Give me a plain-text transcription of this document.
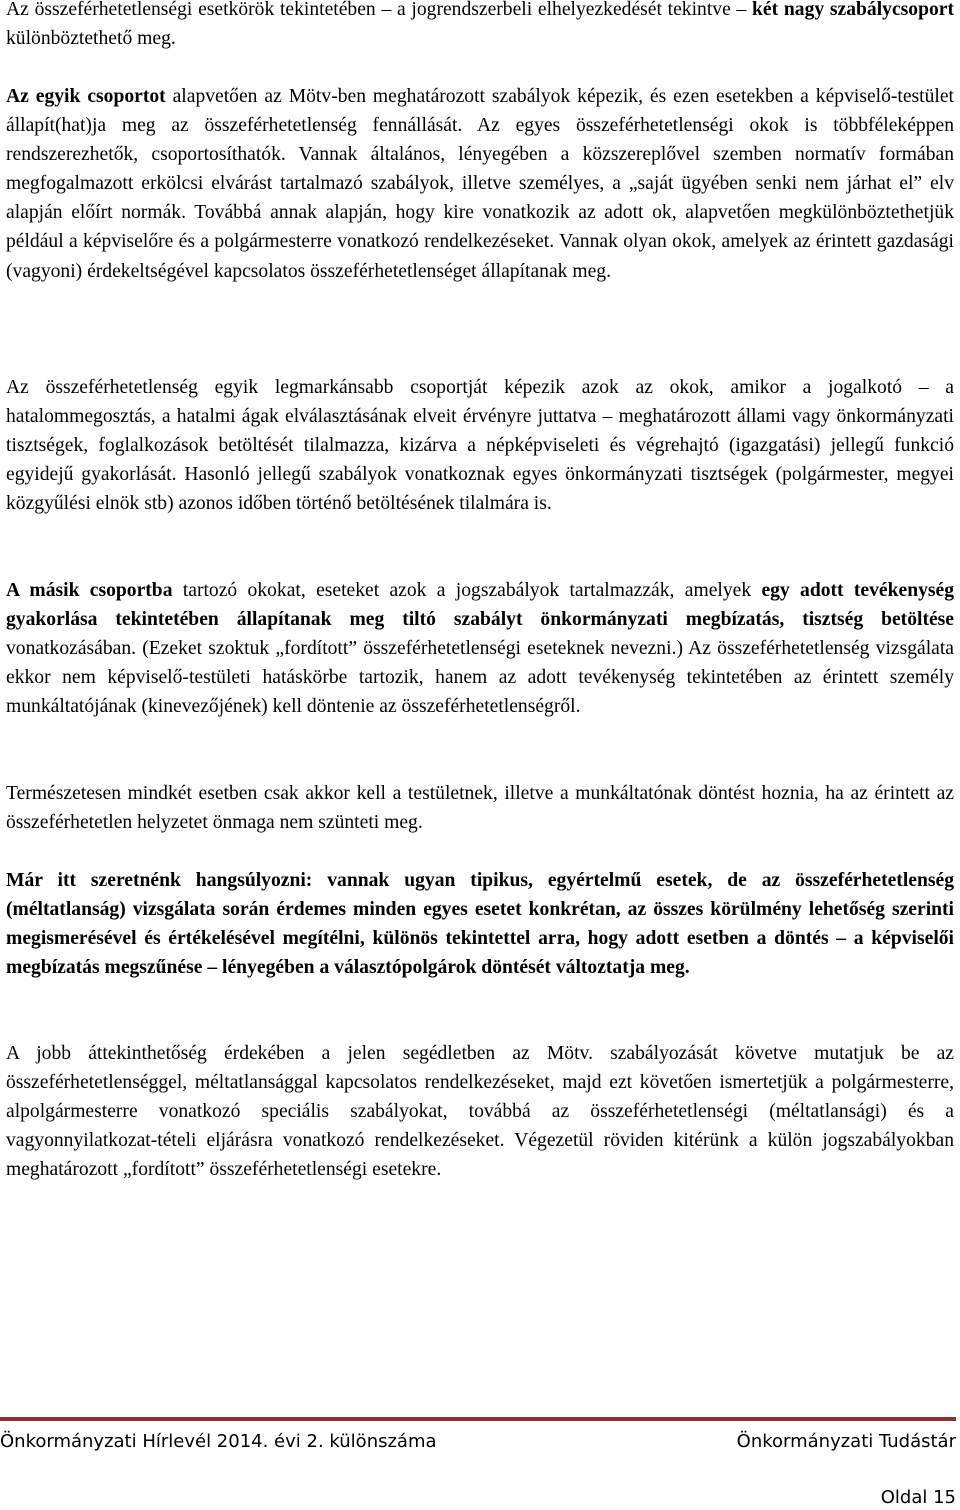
Az összeférhetetlenségi esetkörök tekintetében – a jogrendszerbeli elhelyezkedését tekintve – két nagy szabálycsoport különböztethető meg.

Az egyik csoportot alapvetően az Mötv-ben meghatározott szabályok képezik, és ezen esetekben a képviselő-testület állapít(hat)ja meg az összeférhetetlenség fennállását. Az egyes összeférhetetlenségi okok is többféleképpen rendszerezhetők, csoportosíthatók. Vannak általános, lényegében a közszereplővel szemben normatív formában megfogalmazott erkölcsi elvárást tartalmazó szabályok, illetve személyes, a „saját ügyében senki nem járhat el” elv alapján előírt normák. Továbbá annak alapján, hogy kire vonatkozik az adott ok, alapvetően megkülönböztethetjük például a képviselőre és a polgármesterre vonatkozó rendelkezéseket. Vannak olyan okok, amelyek az érintett gazdasági (vagyoni) érdekeltségével kapcsolatos összeférhetetlenséget állapítanak meg.

Az összeférhetetlenség egyik legmarkánsabb csoportját képezik azok az okok, amikor a jogalkotó – a hatalommegosztás, a hatalmi ágak elválasztásának elveit érvényre juttatva – meghatározott állami vagy önkormányzati tisztségek, foglalkozások betöltését tilalmazza, kizárva a népképviseleti és végrehajtó (igazgatási) jellegű funkció egyidejű gyakorlását. Hasonló jellegű szabályok vonatkoznak egyes önkormányzati tisztségek (polgármester, megyei közgyűlési elnök stb) azonos időben történő betöltésének tilalmára is.

A másik csoportba tartozó okokat, eseteket azok a jogszabályok tartalmazzák, amelyek egy adott tevékenység gyakorlása tekintetében állapítanak meg tiltó szabályt önkormányzati megbízatás, tisztség betöltése vonatkozásában. (Ezeket szoktuk „fordított” összeférhetetlenségi eseteknek nevezni.) Az összeférhetetlenség vizsgálata ekkor nem képviselő-testületi hatáskörbe tartozik, hanem az adott tevékenység tekintetében az érintett személy munkáltatójának (kinevezőjének) kell döntenie az összeférhetetlenségről.

Természetesen mindkét esetben csak akkor kell a testületnek, illetve a munkáltatónak döntést hoznia, ha az érintett az összeférhetetlen helyzetet önmaga nem szünteti meg.

Már itt szeretnénk hangsúlyozni: vannak ugyan tipikus, egyértelmű esetek, de az összeférhetetlenség (méltatlanság) vizsgálata során érdemes minden egyes esetet konkrétan, az összes körülmény lehetőség szerinti megismerésével és értékelésével megítélni, különös tekintettel arra, hogy adott esetben a döntés – a képviselői megbízatás megszűnése – lényegében a választópolgárok döntését változtatja meg.

A jobb áttekinthetőség érdekében a jelen segédletben az Mötv. szabályozását követve mutatjuk be az összeférhetetlenséggel, méltatlansággal kapcsolatos rendelkezéseket, majd ezt követően ismertetjük a polgármesterre, alpolgármesterre vonatkozó speciális szabályokat, továbbá az összeférhetetlenségi (méltatlansági) és a vagyonnyilatkozat-tételi eljárásra vonatkozó rendelkezéseket. Végezetül röviden kitérünk a külön jogszabályokban meghatározott „fordított” összeférhetetlenségi esetekre.

Önkormányzati Hírlevél 2014. évi 2. különszáma	Önkormányzati Tudástár
Oldal 15
